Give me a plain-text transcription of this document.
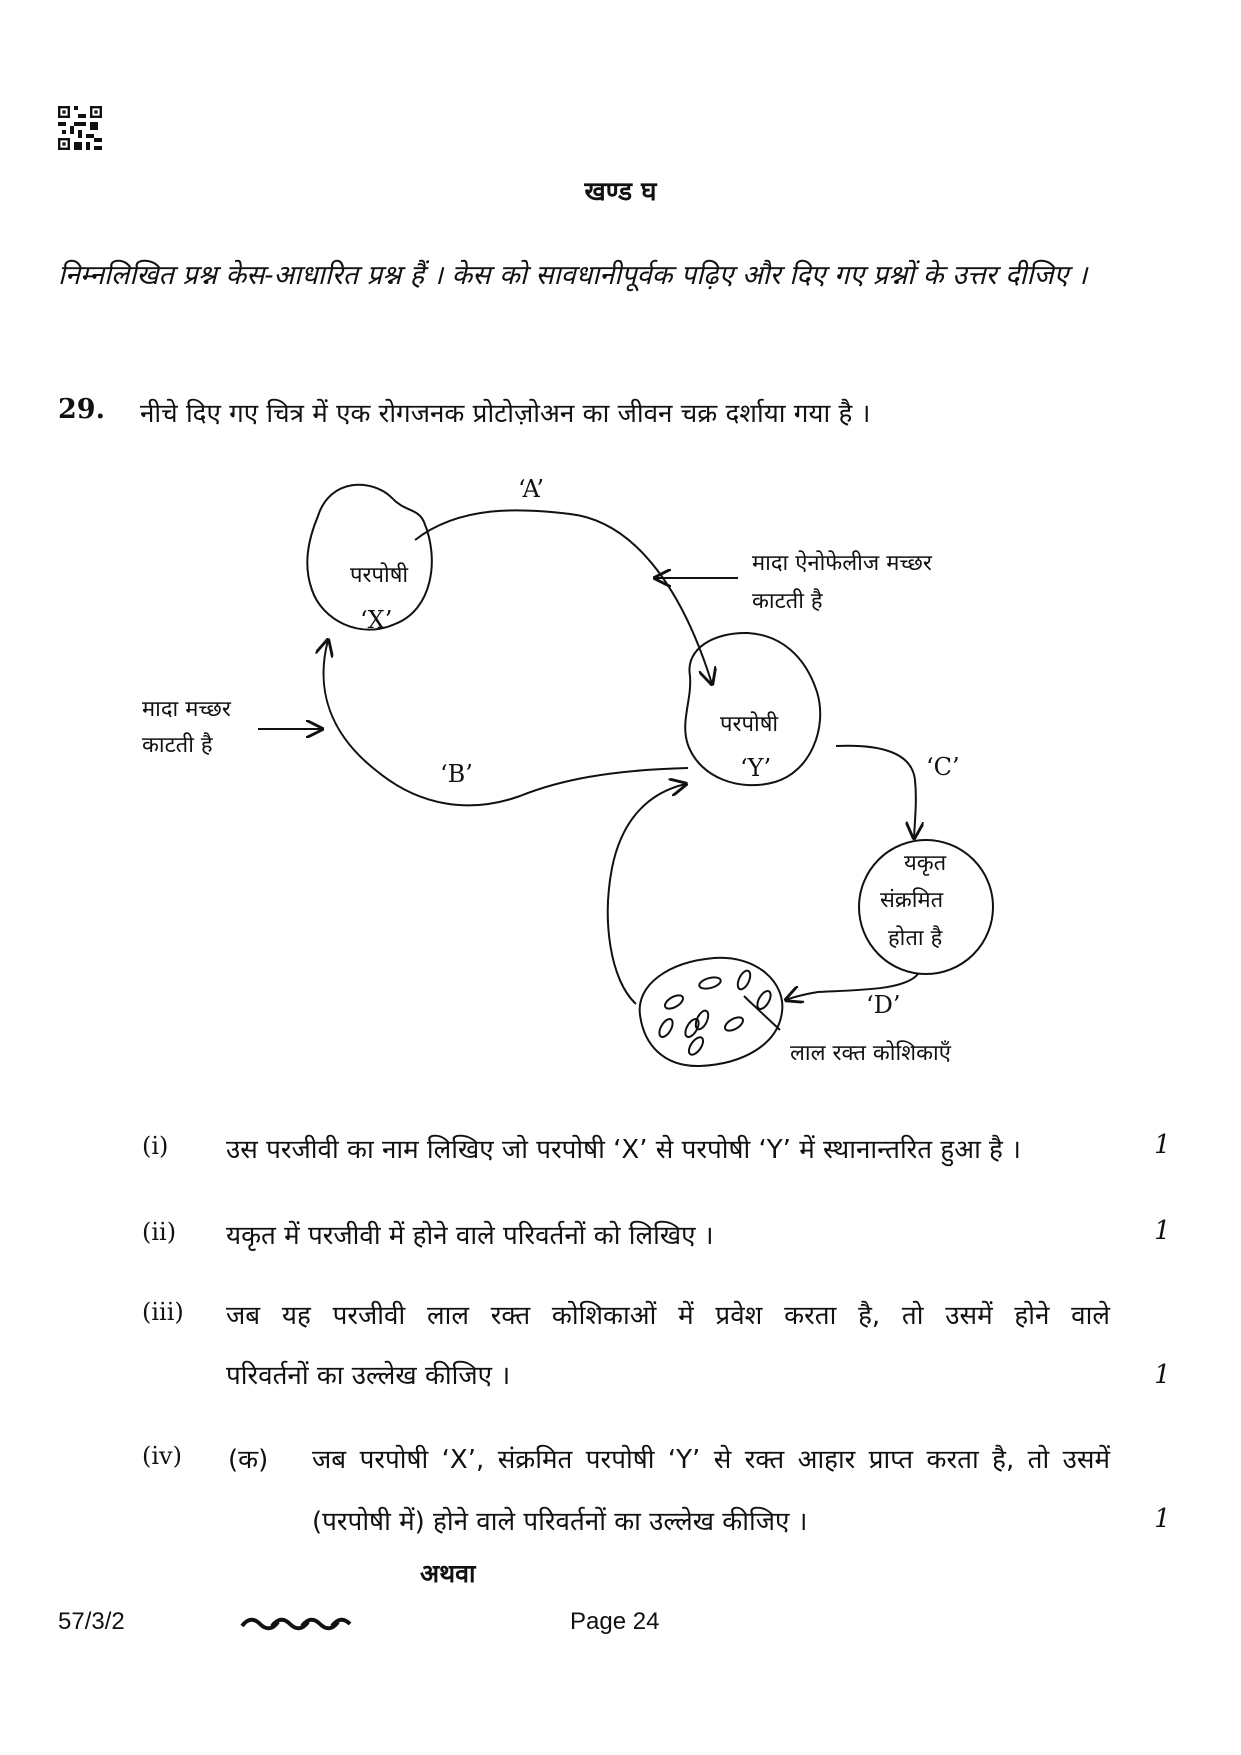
खण्ड घ
निम्नलिखित प्रश्न केस-आधारित प्रश्न हैं । केस को सावधानीपूर्वक पढ़िए और दिए गए प्रश्नों के उत्तर दीजिए ।
29. नीचे दिए गए चित्र में एक रोगजनक प्रोटोज़ोअन का जीवन चक्र दर्शाया गया है ।
परपोषी
‘X’
परपोषी
‘Y’
‘A’
‘B’	‘C’
‘D’
मादा ऐनोफेलीज मच्छर
काटती है
मादा मच्छर
काटती है
यकृत
संक्रमित
होता है
लाल रक्त कोशिकाएँ
(i) उस परजीवी का नाम लिखिए जो परपोषी ‘X’ से परपोषी ‘Y’ में स्थानान्तरित हुआ है ।	1
(ii) यकृत में परजीवी में होने वाले परिवर्तनों को लिखिए ।	1
(iii) जब यह परजीवी लाल रक्त कोशिकाओं में प्रवेश करता है, तो उसमें होने वाले
परिवर्तनों का उल्लेख कीजिए ।	1
(iv) (क) जब परपोषी ‘X’, संक्रमित परपोषी ‘Y’ से रक्त आहार प्राप्त करता है, तो उसमें
(परपोषी में) होने वाले परिवर्तनों का उल्लेख कीजिए ।	1
अथवा
57/3/2	Page 24
